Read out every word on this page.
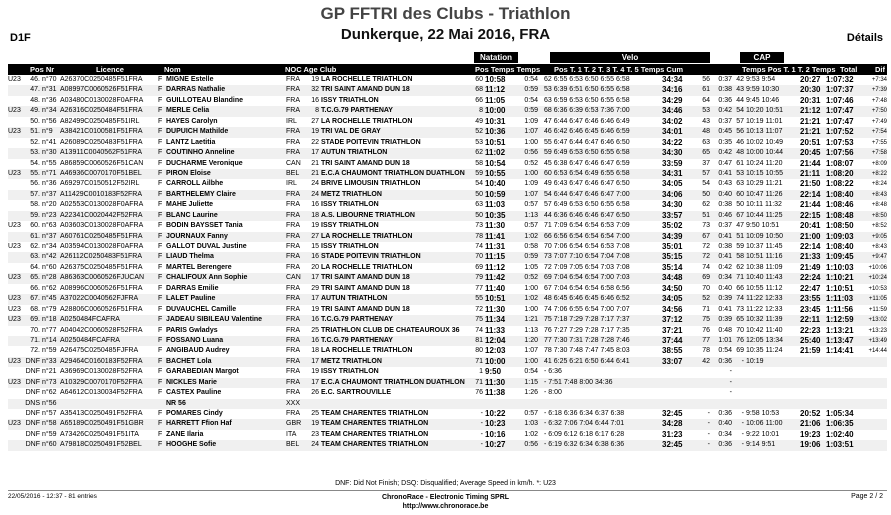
GP FFTRI des Clubs - Triathlon
Dunkerque, 22 Mai 2016, FRA
D1F	Détails
Natation	Velo	CAP
Pos Nr	Licence	Nom	NOC Age Club	Pos Temps Temps	Pos T. 1 T. 2 T. 3 T. 4 T. 5 Temps Cum	Temps Pos T. 1 T. 2 Temps Total	Dif
U23	46. n°70 A26370C0250485F51FRA	F MIGNE Estelle	FRA	19 LA ROCHELLE TRIATHLON	60 10:58	0:54 62 6:55 6:53 6:50 6:55 6:58	34:34	56	0:37 42 9:53 9:54	20:27 1:07:32	+7:34
47. n°31 A08997C0060526F51FRA	F DARRAS Nathalie	FRA	32 TRI SAINT AMAND DUN 18	68 11:12	0:59 53 6:39 6:51 6:50 6:55 6:58	34:16	61	0:38 43 9:59 10:30	20:30 1:07:37	+7:39
48. n°36 A03480C0130028F0AFRA	F GUILLOTEAU Blandine	FRA	16 ISSY TRIATHLON	66 11:05	0:54 63 6:59 6:53 6:50 6:55 6:58	34:29	64	0:36 44 9:45 10:46	20:31 1:07:46	+7:48
U23	49. n°34 A26316C0250484F51FRA	F MERLE Celia	FRA	8 T.C.G.79 PARTHENAY	8 10:00	0:59 68 6:36 6:39 6:53 7:36 7:00	34:46	53	0:42 54 10:20 10:51	21:12 1:07:47	+7:50
50. n°56 A82499C0250485F51IRL	F HAYES Carolyn	IRL	27 LA ROCHELLE TRIATHLON	49 10:31	1:09 47 6:44 6:47 6:46 6:46 6:49	34:02	43	0:37 57 10:19 11:01	21:21 1:07:47	+7:49
U23	51. n°9	A38421C0100581F51FRA	F DUPUICH Mathilde	FRA	19 TRI VAL DE GRAY	52 10:36	1:07 46 6:42 6:46 6:45 6:46 6:59	34:01	48	0:45 56 10:13 11:07	21:21 1:07:52	+7:54
52. n°41 A26089C0250483F51FRA	F LANTZ Laetitia	FRA	22 STADE POITEVIN TRIATHLON	53 10:51	1:00 55 6:47 6:44 6:47 6:46 6:50	34:22	63	0:35 46 10:02 10:49	20:51 1:07:53	+7:55
53. n°30 A13911C0040562F51FRA	F COUTINHO Anneline	FRA	17 AUTUN TRIATHLON	62 11:02	0:56 59 6:49 6:53 6:50 6:55 6:58	34:30	65	0:42 48 10:00 10:44	20:45 1:07:56	+7:58
54. n°55 A86859C0060526F51CAN	F DUCHARME Veronique	CAN	21 TRI SAINT AMAND DUN 18	58 10:54	0:52 45 6:38 6:47 6:46 6:47 6:59	33:59	37	0:47 61 10:24 11:20	21:44 1:08:07	+8:09
U23	55. n°71 A46936C0070170F51BEL	F PIRON Eloise	BEL	21 E.C.A CHAUMONT TRIATHLON DUATHLON	59 10:55	1:00 60 6:53 6:54 6:49 6:55 6:58	34:31	57	0:41 53 10:15 10:55	21:11 1:08:20	+8:22
56. n°36 A69297C0150512F52IRL	F CARROLL Ailbhe	IRL	24 BRIVE LIMOUSIN TRIATHLON	54 10:40	1:09 49 6:43 6:47 6:46 6:47 6:50	34:05	54	0:43 63 10:29 11:21	21:50 1:08:22	+8:24
57. n°37 A11429C0010183F52FRA	F BARTHELEMY Claire	FRA	24 METZ TRIATHLON	50 10:59	1:07 54 6:44 6:47 6:46 6:47 7:00	34:06	50	0:40 60 10:47 11:26	22:14 1:08:40	+8:43
58. n°20 A02553C0130028F0AFRA	F MAHE Juliette	FRA	16 ISSY TRIATHLON	63 11:03	0:57 57 6:49 6:53 6:50 6:55 6:58	34:30	62	0:38 50 10:11 11:32	21:44 1:08:46	+8:48
59. n°23 A22341C0020442F52FRA	F BLANC Laurine	FRA	18 A.S. LIBOURNE TRIATHLON	50 10:35	1:13 44 6:36 6:46 6:46 6:47 6:50	33:57	51	0:46 67 10:44 11:25	22:15 1:08:48	+8:50
U23	60. n°63 A03603C0130028F0AFRA	F BODIN BAYSSET Tania	FRA	19 ISSY TRIATHLON	73 11:30	0:57 71 7:09 6:54 6:54 6:53 7:09	35:02	73	0:37 47 9:50 10:51	20:41 1:08:50	+8:52
61. n°37 A60761C0250485F51FRA	F JOURNAUX Fanny	FRA	27 LA ROCHELLE TRIATHLON	78 11:41	1:02 66 6:56 6:54 6:54 6:54 7:00	34:39	67	0:41 51 10:09 10:50	21:00 1:09:03	+9:05
U23	62. n°34 A03594C0130028F0AFRA	F GALLOT DUVAL Justine	FRA	15 ISSY TRIATHLON	74 11:31	0:58 70 7:06 6:54 6:54 6:53 7:08	35:01	72	0:38 59 10:37 11:45	22:14 1:08:40	+8:43
63. n°42 A26112C0250483F51FRA	F LIAUD Thelma	FRA	16 STADE POITEVIN TRIATHLON	70 11:15	0:59 73 7:07 7:10 6:54 7:04 7:08	35:15	72	0:41 58 10:51 11:16	21:33 1:09:45	+9:47
64. n°60 A26375C0250485F51FRA	F MARTEL Berengere	FRA	20 LA ROCHELLE TRIATHLON	69 11:12	1:05 72 7:09 7:05 6:54 7:03 7:08	35:14	74	0:42 62 10:38 11:09	21:49 1:10:03	+10:06
U23	65. n°28 A86363C0060526FJUCAN	F CHALIFOUX Ann Sophie	CAN	17 TRI SAINT AMAND DUN 18	79 11:42	0:52 69 7:04 6:54 6:54 7:00 7:03	34:48	69	0:34 71 10:40 11:43	22:24 1:10:21	+10:24
66. n°62 A08996C0060526F51FRA	F DARRAS Emilie	FRA	29 TRI SAINT AMAND DUN 18	77 11:40	1:00 67 7:04 6:54 6:54 6:58 6:56	34:50	70	0:40 66 10:55 11:12	22:47 1:10:51	+10:53
U23	67. n°45 A37022C0040562FJFRA	F LALET Pauline	FRA	17 AUTUN TRIATHLON	55 10:51	1:02 48 6:45 6:46 6:45 6:46 6:52	34:05	52	0:39 74 11:22 12:33	23:55 1:11:03	+11:05
U23	68. n°79 A28806C0060526F51FRA	F DUVAUCHEL Camille	FRA	19 TRI SAINT AMAND DUN 18	72 11:30	1:00 74 7:06 6:55 6:54 7:00 7:07	34:56	71	0:41 73 11:22 12:33	23:45 1:11:56	+11:59
U23	69. n°18 A0250484FCAFRA	F JADEAU SIBILEAU Valentine	FRA	16 T.C.G.79 PARTHENAY	75 11:34	1:21 75 7:18 7:29 7:28 7:17 7:37	37:12	75	0:39 65 10:32 11:39	22:11 1:12:59	+13:02
70. n°77 A04042C0060528F52FRA	F PARIS Gwladys	FRA	25 TRIATHLON CLUB DE CHATEAUROUX 36	74 11:33	1:13 76 7:27 7:29 7:28 7:17 7:35	37:21	76	0:48 70 10:42 11:40	22:23 1:13:21	+13:23
71. n°14 A0250484FCAFRA	F FOSSANO Luana	FRA	16 T.C.G.79 PARTHENAY	81 12:04	1:20 77 7:30 7:31 7:28 7:28 7:46	37:44	77	1:01 76 12:05 13:34	25:40 1:13:47	+13:49
72. n°59 A26475C0250485FJFRA	F ANGIBAUD Audrey	FRA	18 LA ROCHELLE TRIATHLON	80 12:03	1:07 78 7:30 7:48 7:47 7:45 8:03	38:55	78	0:54 69 10:35 11:24	21:59 1:14:41	+14:44
U23 DNF n°33 A29464C0160183F52FRA	F BACHET Lola	FRA	17 METZ TRIATHLON	71 10:00	1:00 41 6:25 6:21 6:50 6:44 6:41	33:07	42	0:36	- 10:19
DNF n°21 A36969C0130028F52FRA	F GARABEDIAN Margot	FRA	19 ISSY TRIATHLON	1 9:50	0:54 - 6:36	-
U23 DNF n°73 A10329C0070170F52FRA	F NICKLES Marie	FRA	17 E.C.A CHAUMONT TRIATHLON DUATHLON	71 11:30	1:15 - 7:51 7:48 8:00 34:36	-
DNF n°62 A64612C0130034F52FRA	F CASTEX Pauline	FRA	26 E.C. SARTROUVILLE	76 11:38	1:26 - 8:00	-
DNS n°56	NR 56	XXX
DNF n°57 A35413C0250491F52FRA	F POMARES Cindy	FRA	25 TEAM CHARENTES TRIATHLON	- 10:22	0:57 - 6:18 6:36 6:34 6:37 6:38	32:45	-	0:36	- 9:58 10:53	20:52 1:05:34
U23 DNF n°58 A65189C0250491F51GBR	F HARRETT Ffion Haf	GBR	19 TEAM CHARENTES TRIATHLON	- 10:23	1:03 - 6:32 7:06 7:04 6:44 7:01	34:28	-	0:40	- 10:06 11:00	21:06 1:06:35
DNF n°59 A73426C0250491F51ITA	F ZANE Ilaria	ITA	23 TEAM CHARENTES TRIATHLON	- 10:16	1:02 - 6:09 6:12 6:18 6:17 6:28	31:23	-	0:34	- 9:22 10:01	19:23 1:02:40
DNF n°60 A79818C0250491F52BEL	F HOOGHE Sofie	BEL	24 TEAM CHARENTES TRIATHLON	- 10:27	0:56 - 6:19 6:32 6:34 6:38 6:36	32:45	-	0:36	- 9:14 9:51	19:06 1:03:51
DNF: Did Not Finish; DSQ: Disqualified; Average Speed in km/h. *: U23
22/05/2016 - 12:37 - 81 entries	ChronoRace - Electronic Timing SPRL
http://www.chronorace.be
Page 2 / 2
